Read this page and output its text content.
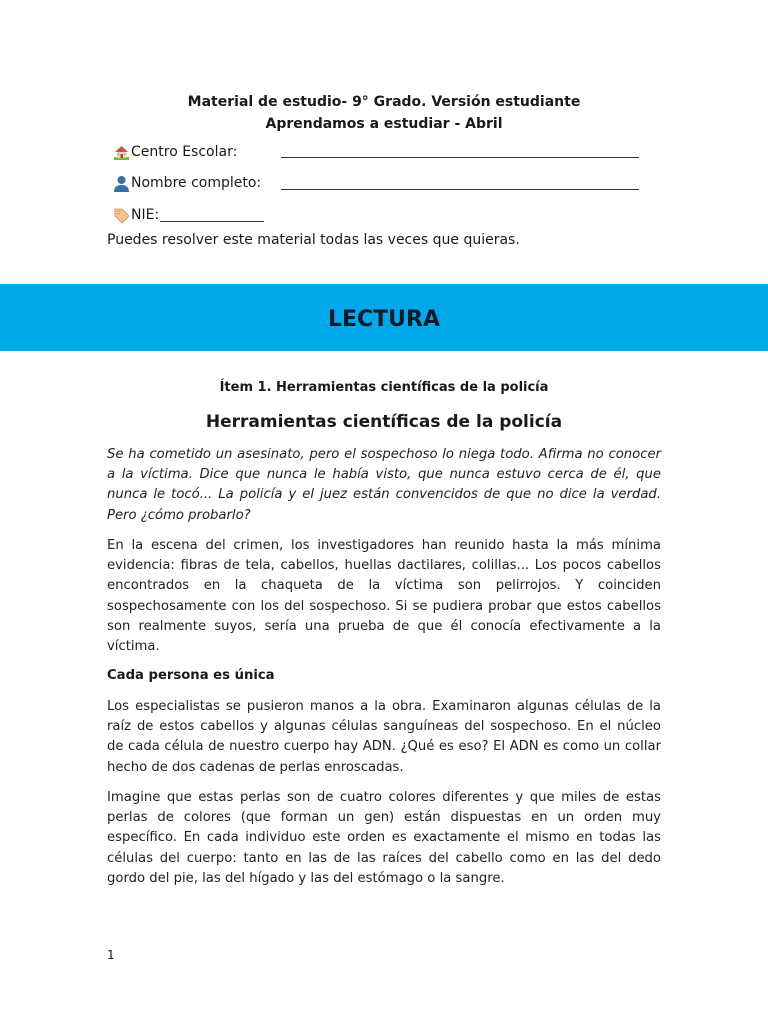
Material de estudio- 9° Grado. Versión estudiante
Aprendamos a estudiar - Abril
Centro Escolar:
Nombre completo:
NIE:
Puedes resolver este material todas las veces que quieras.
LECTURA
Ítem 1. Herramientas científicas de la policía
Herramientas científicas de la policía
Se ha cometido un asesinato, pero el sospechoso lo niega todo. Afirma no conocer a la víctima. Dice que nunca le había visto, que nunca estuvo cerca de él, que nunca le tocó... La policía y el juez están convencidos de que no dice la verdad. Pero ¿cómo probarlo?
En la escena del crimen, los investigadores han reunido hasta la más mínima evidencia: fibras de tela, cabellos, huellas dactilares, colillas... Los pocos cabellos encontrados en la chaqueta de la víctima son pelirrojos. Y coinciden sospechosamente con los del sospechoso. Si se pudiera probar que estos cabellos son realmente suyos, sería una prueba de que él conocía efectivamente a la víctima.
Cada persona es única
Los especialistas se pusieron manos a la obra. Examinaron algunas células de la raíz de estos cabellos y algunas células sanguíneas del sospechoso. En el núcleo de cada célula de nuestro cuerpo hay ADN. ¿Qué es eso? El ADN es como un collar hecho de dos cadenas de perlas enroscadas.
Imagine que estas perlas son de cuatro colores diferentes y que miles de estas perlas de colores (que forman un gen) están dispuestas en un orden muy específico. En cada individuo este orden es exactamente el mismo en todas las células del cuerpo: tanto en las de las raíces del cabello como en las del dedo gordo del pie, las del hígado y las del estómago o la sangre.
1
